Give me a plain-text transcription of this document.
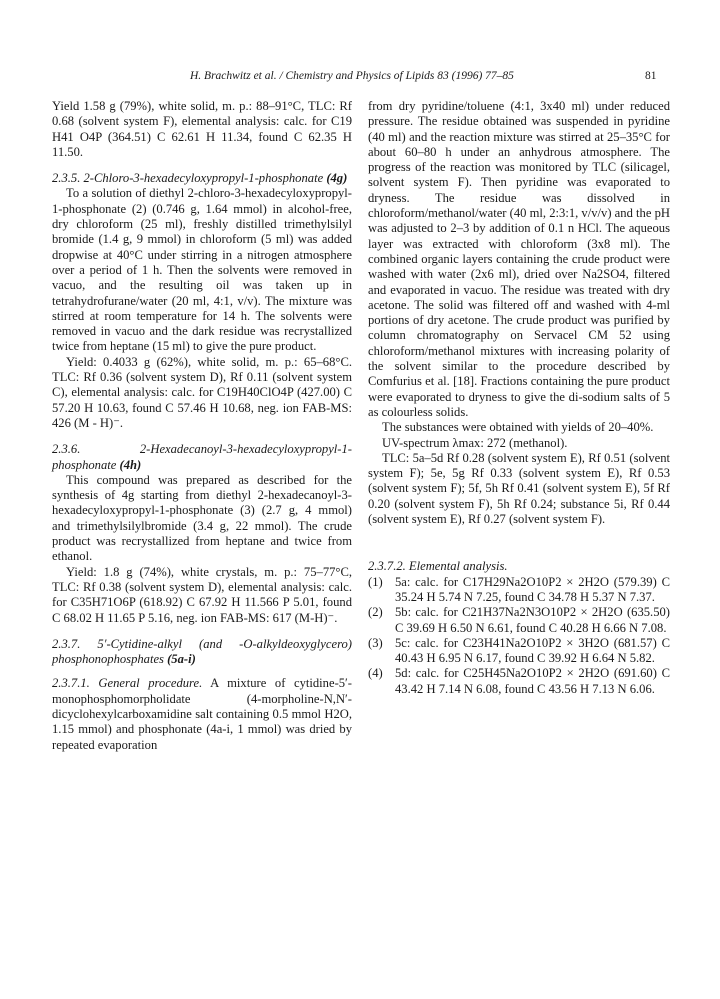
H. Brachwitz et al. / Chemistry and Physics of Lipids 83 (1996) 77–85	81

Yield 1.58 g (79%), white solid, m. p.: 88–91°C, TLC: Rf 0.68 (solvent system F), elemental analysis: calc. for C19 H41 O4P (364.51) C 62.61 H 11.34, found C 62.35 H 11.50.

2.3.5. 2-Chloro-3-hexadecyloxypropyl-1-phosphonate (4g)

To a solution of diethyl 2-chloro-3-hexadecyloxypropyl-1-phosphonate (2) (0.746 g, 1.64 mmol) in alcohol-free, dry chloroform (25 ml), freshly distilled trimethylsilyl bromide (1.4 g, 9 mmol) in chloroform (5 ml) was added dropwise at 40°C under stirring in a nitrogen atmosphere over a period of 1 h. Then the solvents were removed in vacuo, and the resulting oil was taken up in tetrahydrofurane/water (20 ml, 4:1, v/v). The mixture was stirred at room temperature for 14 h. The solvents were removed in vacuo and the dark residue was recrystallized twice from heptane (15 ml) to give the pure product.

Yield: 0.4033 g (62%), white solid, m. p.: 65–68°C. TLC: Rf 0.36 (solvent system D), Rf 0.11 (solvent system C), elemental analysis: calc. for C19H40ClO4P (427.00) C 57.20 H 10.63, found C 57.46 H 10.68, neg. ion FAB-MS: 426 (M - H)⁻.

2.3.6. 2-Hexadecanoyl-3-hexadecyloxypropyl-1-phosphonate (4h)

This compound was prepared as described for the synthesis of 4g starting from diethyl 2-hexadecanoyl-3-hexadecyloxypropyl-1-phosphonate (3) (2.7 g, 4 mmol) and trimethylsilylbromide (3.4 g, 22 mmol). The crude product was recrystallized from heptane and twice from ethanol.

Yield: 1.8 g (74%), white crystals, m. p.: 75–77°C, TLC: Rf 0.38 (solvent system D), elemental analysis: calc. for C35H71O6P (618.92) C 67.92 H 11.566 P 5.01, found C 68.02 H 11.65 P 5.16, neg. ion FAB-MS: 617 (M-H)⁻.

2.3.7. 5′-Cytidine-alkyl (and -O-alkyldeoxyglycero) phosphonophosphates (5a-i)

2.3.7.1. General procedure. A mixture of cytidine-5′-monophosphomorpholidate (4-morpholine-N,N′-dicyclohexylcarboxamidine salt containing 0.5 mmol H2O, 1.15 mmol) and phosphonate (4a-i, 1 mmol) was dried by repeated evaporation

from dry pyridine/toluene (4:1, 3x40 ml) under reduced pressure. The residue obtained was suspended in pyridine (40 ml) and the reaction mixture was stirred at 25–35°C for about 60–80 h under an anhydrous atmosphere. The progress of the reaction was monitored by TLC (silicagel, solvent system F). Then pyridine was evaporated to dryness. The residue was dissolved in chloroform/methanol/water (40 ml, 2:3:1, v/v/v) and the pH was adjusted to 2–3 by addition of 0.1 n HCl. The aqueous layer was extracted with chloroform (3x8 ml). The combined organic layers containing the crude product were washed with water (2x6 ml), dried over Na2SO4, filtered and evaporated in vacuo. The residue was treated with dry acetone. The solid was filtered off and washed with 4-ml portions of dry acetone. The crude product was purified by column chromatography on Servacel CM 52 using chloroform/methanol mixtures with increasing polarity of the solvent similar to the procedure described by Comfurius et al. [18]. Fractions containing the pure product were evaporated to dryness to give the di-sodium salts of 5 as colourless solids.

The substances were obtained with yields of 20–40%.

UV-spectrum λmax: 272 (methanol).

TLC: 5a–5d Rf 0.28 (solvent system E), Rf 0.51 (solvent system F); 5e, 5g Rf 0.33 (solvent system E), Rf 0.53 (solvent system F); 5f, 5h Rf 0.41 (solvent system E), 5f Rf 0.20 (solvent system F), 5h Rf 0.24; substance 5i, Rf 0.44 (solvent system E), Rf 0.27 (solvent system F).

2.3.7.2. Elemental analysis.

(1) 5a: calc. for C17H29Na2O10P2 × 2H2O (579.39) C 35.24 H 5.74 N 7.25, found C 34.78 H 5.37 N 7.37.
(2) 5b: calc. for C21H37Na2N3O10P2 × 2H2O (635.50) C 39.69 H 6.50 N 6.61, found C 40.28 H 6.66 N 7.08.
(3) 5c: calc. for C23H41Na2O10P2 × 3H2O (681.57) C 40.43 H 6.95 N 6.17, found C 39.92 H 6.64 N 5.82.
(4) 5d: calc. for C25H45Na2O10P2 × 2H2O (691.60) C 43.42 H 7.14 N 6.08, found C 43.56 H 7.13 N 6.06.
